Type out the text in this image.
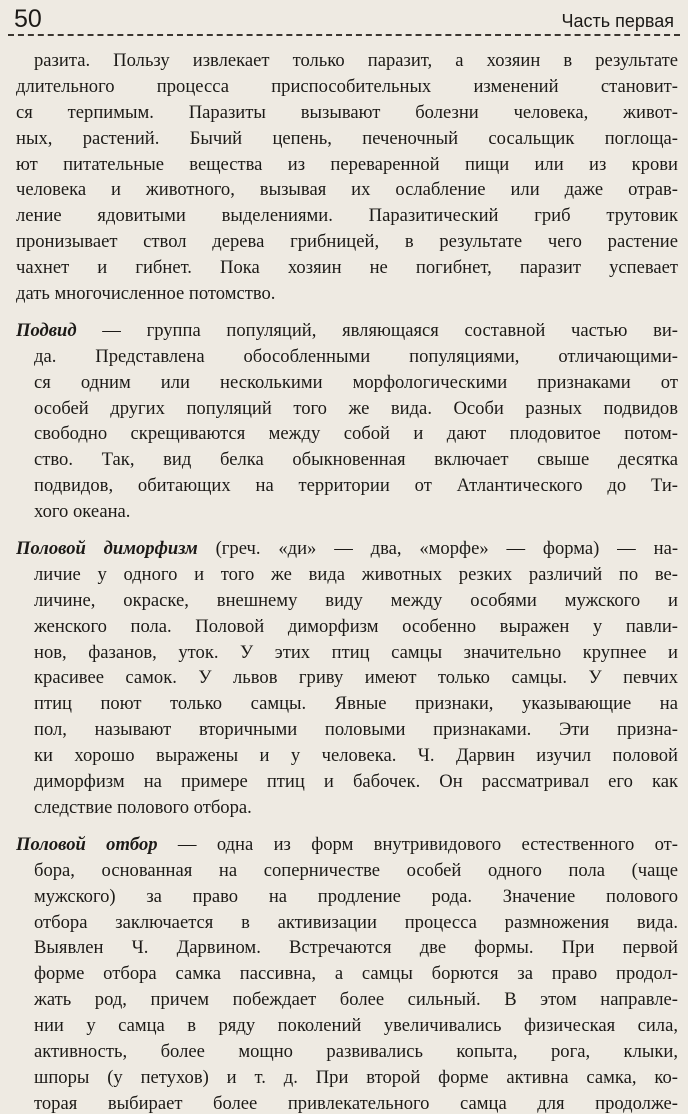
50	Часть первая
разита. Пользу извлекает только паразит, а хозяин в результате
длительного процесса приспособительных изменений становит-
ся терпимым. Паразиты вызывают болезни человека, живот-
ных, растений. Бычий цепень, печеночный сосальщик поглоща-
ют питательные вещества из переваренной пищи или из крови
человека и животного, вызывая их ослабление или даже отрав-
ление ядовитыми выделениями. Паразитический гриб трутовик
пронизывает ствол дерева грибницей, в результате чего растение
чахнет и гибнет. Пока хозяин не погибнет, паразит успевает
дать многочисленное потомство.
Подвид — группа популяций, являющаяся составной частью ви-
да. Представлена обособленными популяциями, отличающими-
ся одним или несколькими морфологическими признаками от
особей других популяций того же вида. Особи разных подвидов
свободно скрещиваются между собой и дают плодовитое потом-
ство. Так, вид белка обыкновенная включает свыше десятка
подвидов, обитающих на территории от Атлантического до Ти-
хого океана.
Половой диморфизм (греч. «ди» — два, «морфе» — форма) — на-
личие у одного и того же вида животных резких различий по ве-
личине, окраске, внешнему виду между особями мужского и
женского пола. Половой диморфизм особенно выражен у павли-
нов, фазанов, уток. У этих птиц самцы значительно крупнее и
красивее самок. У львов гриву имеют только самцы. У певчих
птиц поют только самцы. Явные признаки, указывающие на
пол, называют вторичными половыми признаками. Эти призна-
ки хорошо выражены и у человека. Ч. Дарвин изучил половой
диморфизм на примере птиц и бабочек. Он рассматривал его как
следствие полового отбора.
Половой отбор — одна из форм внутривидового естественного от-
бора, основанная на соперничестве особей одного пола (чаще
мужского) за право на продление рода. Значение полового
отбора заключается в активизации процесса размножения вида.
Выявлен Ч. Дарвином. Встречаются две формы. При первой
форме отбора самка пассивна, а самцы борются за право продол-
жать род, причем побеждает более сильный. В этом направле-
нии у самца в ряду поколений увеличивались физическая сила,
активность, более мощно развивались копыта, рога, клыки,
шпоры (у петухов) и т. д. При второй форме активна самка, ко-
торая выбирает более привлекательного самца для продолже-
